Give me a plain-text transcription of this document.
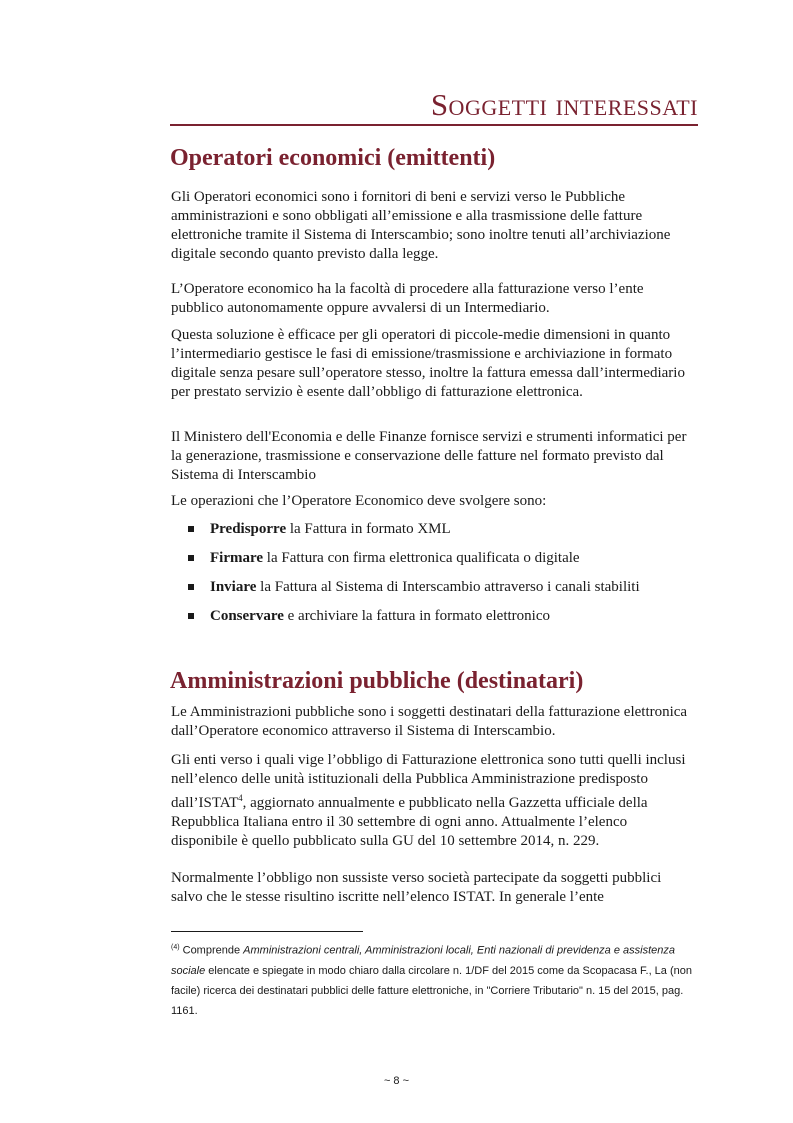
Soggetti interessati
Operatori economici (emittenti)

Gli Operatori economici sono i fornitori di beni e servizi verso le Pubbliche amministrazioni e sono obbligati all’emissione e alla trasmissione delle fatture elettroniche tramite il Sistema di Interscambio; sono inoltre tenuti all’archiviazione digitale secondo quanto previsto dalla legge.

L’Operatore economico ha la facoltà di procedere alla fatturazione verso l’ente pubblico autonomamente oppure avvalersi di un Intermediario.

Questa soluzione è efficace per gli operatori di piccole-medie dimensioni in quanto l’intermediario gestisce le fasi di emissione/trasmissione e archiviazione in formato digitale senza pesare sull’operatore stesso, inoltre la fattura emessa dall’intermediario per prestato servizio è esente dall’obbligo di fatturazione elettronica.

Il Ministero dell'Economia e delle Finanze fornisce servizi e strumenti informatici per la generazione, trasmissione e conservazione delle fatture nel formato previsto dal Sistema di Interscambio

Le operazioni che l’Operatore Economico deve svolgere sono:

Predisporre la Fattura in formato XML
Firmare la Fattura con firma elettronica qualificata o digitale
Inviare la Fattura al Sistema di Interscambio attraverso i canali stabiliti
Conservare e archiviare la fattura in formato elettronico
Amministrazioni pubbliche (destinatari)

Le Amministrazioni pubbliche sono i soggetti destinatari della fatturazione elettronica dall’Operatore economico attraverso il Sistema di Interscambio.

Gli enti verso i quali vige l’obbligo di Fatturazione elettronica sono tutti quelli inclusi nell’elenco delle unità istituzionali della Pubblica Amministrazione predisposto dall’ISTAT$^4$, aggiornato annualmente e pubblicato nella Gazzetta ufficiale della Repubblica Italiana entro il 30 settembre di ogni anno. Attualmente l’elenco disponibile è quello pubblicato sulla GU del 10 settembre 2014, n. 229.

Normalmente l’obbligo non sussiste verso società partecipate da soggetti pubblici salvo che le stesse risultino iscritte nell’elenco ISTAT. In generale l’ente

$^{(4)}$ Comprende Amministrazioni centrali, Amministrazioni locali, Enti nazionali di previdenza e assistenza sociale elencate e spiegate in modo chiaro dalla circolare n. 1/DF del 2015 come da Scopacasa F., La (non facile) ricerca dei destinatari pubblici delle fatture elettroniche, in "Corriere Tributario" n. 15 del 2015, pag. 1161.

~ 8 ~
